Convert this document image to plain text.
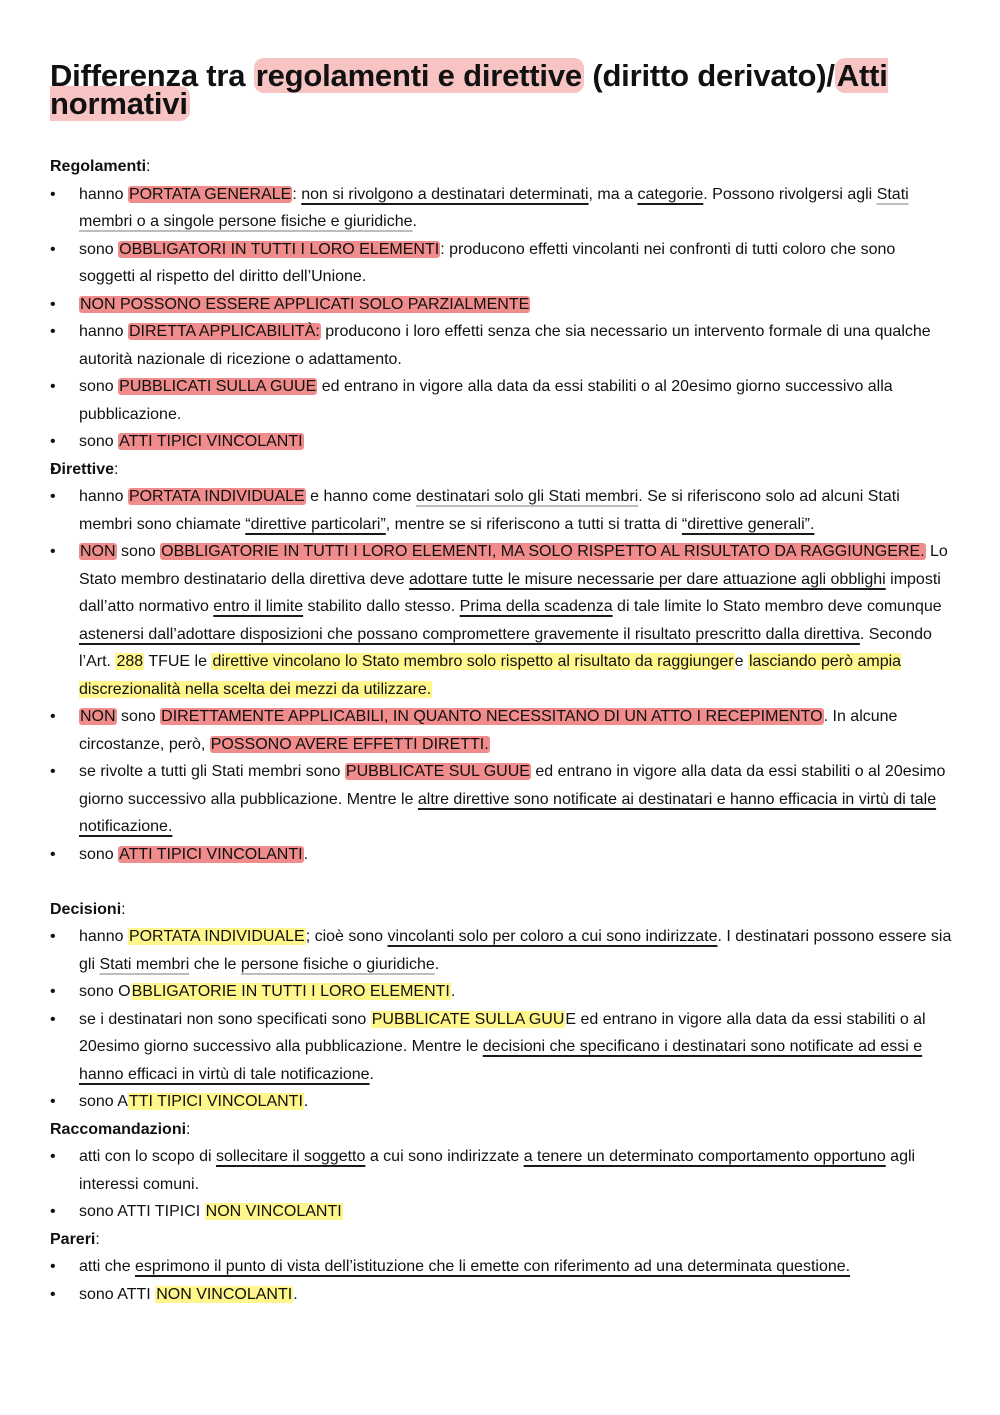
Differenza tra regolamenti e direttive (diritto derivato)/Atti normativi
Regolamenti:
• hanno PORTATA GENERALE: non si rivolgono a destinatari determinati, ma a categorie. Possono rivolgersi agli Stati membri o a singole persone fisiche e giuridiche.
• sono OBBLIGATORI IN TUTTI I LORO ELEMENTI: producono effetti vincolanti nei confronti di tutti coloro che sono soggetti al rispetto del diritto dell’Unione.
• NON POSSONO ESSERE APPLICATI SOLO PARZIALMENTE
• hanno DIRETTA APPLICABILITÀ: producono i loro effetti senza che sia necessario un intervento formale di una qualche autorità nazionale di ricezione o adattamento.
• sono PUBBLICATI SULLA GUUE ed entrano in vigore alla data da essi stabiliti o al 20esimo giorno successivo alla pubblicazione.
• sono ATTI TIPICI VINCOLANTI
Direttive:
• hanno PORTATA INDIVIDUALE e hanno come destinatari solo gli Stati membri. Se si riferiscono solo ad alcuni Stati membri sono chiamate “direttive particolari”, mentre se si riferiscono a tutti si tratta di “direttive generali”.
• NON sono OBBLIGATORIE IN TUTTI I LORO ELEMENTI, MA SOLO RISPETTO AL RISULTATO DA RAGGIUNGERE. Lo Stato membro destinatario della direttiva deve adottare tutte le misure necessarie per dare attuazione agli obblighi imposti dall’atto normativo entro il limite stabilito dallo stesso. Prima della scadenza di tale limite lo Stato membro deve comunque astenersi dall’adottare disposizioni che possano compromettere gravemente il risultato prescritto dalla direttiva. Secondo l’Art. 288 TFUE le direttive vincolano lo Stato membro solo rispetto al risultato da raggiungere lasciando però ampia discrezionalità nella scelta dei mezzi da utilizzare.
• NON sono DIRETTAMENTE APPLICABILI, IN QUANTO NECESSITANO DI UN ATTO I RECEPIMENTO. In alcune circostanze, però, POSSONO AVERE EFFETTI DIRETTI.
• se rivolte a tutti gli Stati membri sono PUBBLICATE SUL GUUE ed entrano in vigore alla data da essi stabiliti o al 20esimo giorno successivo alla pubblicazione. Mentre le altre direttive sono notificate ai destinatari e hanno efficacia in virtù di tale notificazione.
• sono ATTI TIPICI VINCOLANTI.
Decisioni:
• hanno PORTATA INDIVIDUALE; cioè sono vincolanti solo per coloro a cui sono indirizzate. I destinatari possono essere sia gli Stati membri che le persone fisiche o giuridiche.
• sono OBBLIGATORIE IN TUTTI I LORO ELEMENTI.
• se i destinatari non sono specificati sono PUBBLICATE SULLA GUUE ed entrano in vigore alla data da essi stabiliti o al 20esimo giorno successivo alla pubblicazione. Mentre le decisioni che specificano i destinatari sono notificate ad essi e hanno efficaci in virtù di tale notificazione.
• sono ATTI TIPICI VINCOLANTI.
Raccomandazioni:
• atti con lo scopo di sollecitare il soggetto a cui sono indirizzate a tenere un determinato comportamento opportuno agli interessi comuni.
• sono ATTI TIPICI NON VINCOLANTI
Pareri:
• atti che esprimono il punto di vista dell’istituzione che li emette con riferimento ad una determinata questione.
• sono ATTI NON VINCOLANTI.
